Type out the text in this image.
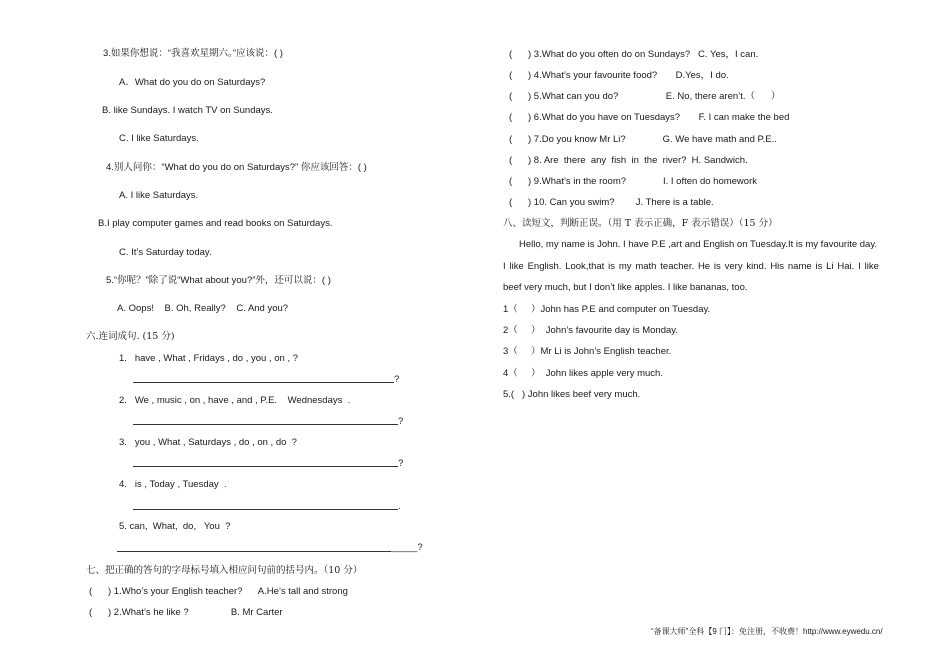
3.如果你想说：“我喜欢星期六。”应该说：( )
A．What do you do on Saturdays?
B. like Sundays. I watch TV on Sundays.
C. I like Saturdays.
4.别人问你：“What do you do on Saturdays?” 你应该回答：( )
A. I like Saturdays.
B.I play computer games and read books on Saturdays.
C. It’s Saturday today.
5.“你呢？”除了说“What about you?”外，还可以说：( )
A. Oops!    B. Oh, Really?    C. And you?
六.连词成句. (15 分)
1.   have , What , Fridays , do , you , on , ?
?
2.   We , music , on , have , and , P.E.    Wednesdays  .
?
3.   you , What , Saturdays , do , on , do  ?
?
4.   is , Today , Tuesday  .
.
5. can,  What,  do,   You  ?
_____?
七、把正确的答句的字母标号填入相应问句前的括号内。（10 分）
(      ) 1.Who’s your English teacher?      A.He’s tall and strong
(      ) 2.What’s he like ?                B. Mr Carter
(      ) 3.What do you often do on Sundays?   C. Yes，I can.
(      ) 4.What’s your favourite food?       D.Yes，I do.
(      ) 5.What can you do?                  E. No, there aren’t.（      ）
(      ) 6.What do you have on Tuesdays?       F. I can make the bed
(      ) 7.Do you know Mr Li?              G. We have math and P.E..
(      ) 8. Are  there  any  fish  in  the  river?  H. Sandwich.
(      ) 9.What’s in the room?              I. I often do homework
(      ) 10. Can you swim?        J. There is a table.
八、读短文，判断正误。（用 T 表示正确，F 表示错误）（15 分）
Hello, my name is John. I have P.E ,art and English on Tuesday.It is my favourite day.
I like English. Look,that is my math teacher. He is very kind. His name is Li Hai. I like
beef very much, but I don’t like apples. I like bananas, too.
1（     ）John has P.E and computer on Tuesday.
2（     ）  John’s favourite day is Monday.
3（     ）Mr Li is John’s English teacher.
4（     ）  John likes apple very much.
5.(   ) John likes beef very much.
“备课大师”全科【9 门】：免注册，不收费！http://www.eywedu.cn/
